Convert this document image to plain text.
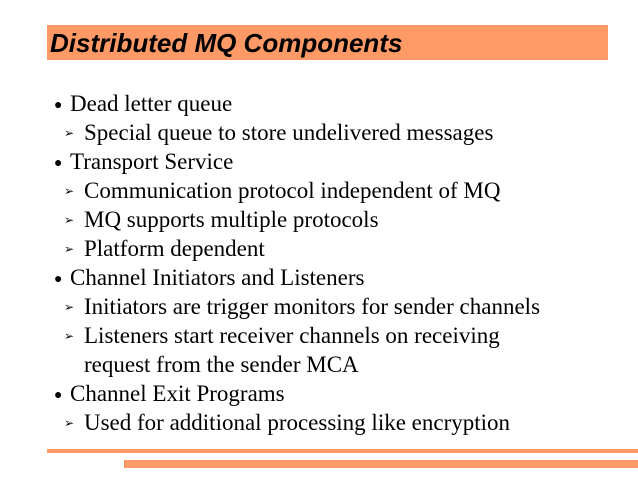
Distributed MQ Components
● Dead letter queue
➢ Special queue to store undelivered messages
● Transport Service
➢ Communication protocol independent of MQ
➢ MQ supports multiple protocols
➢ Platform dependent
● Channel Initiators and Listeners
➢ Initiators are trigger monitors for sender channels
➢ Listeners start receiver channels on receiving
request from the sender MCA
● Channel Exit Programs
➢ Used for additional processing like encryption
